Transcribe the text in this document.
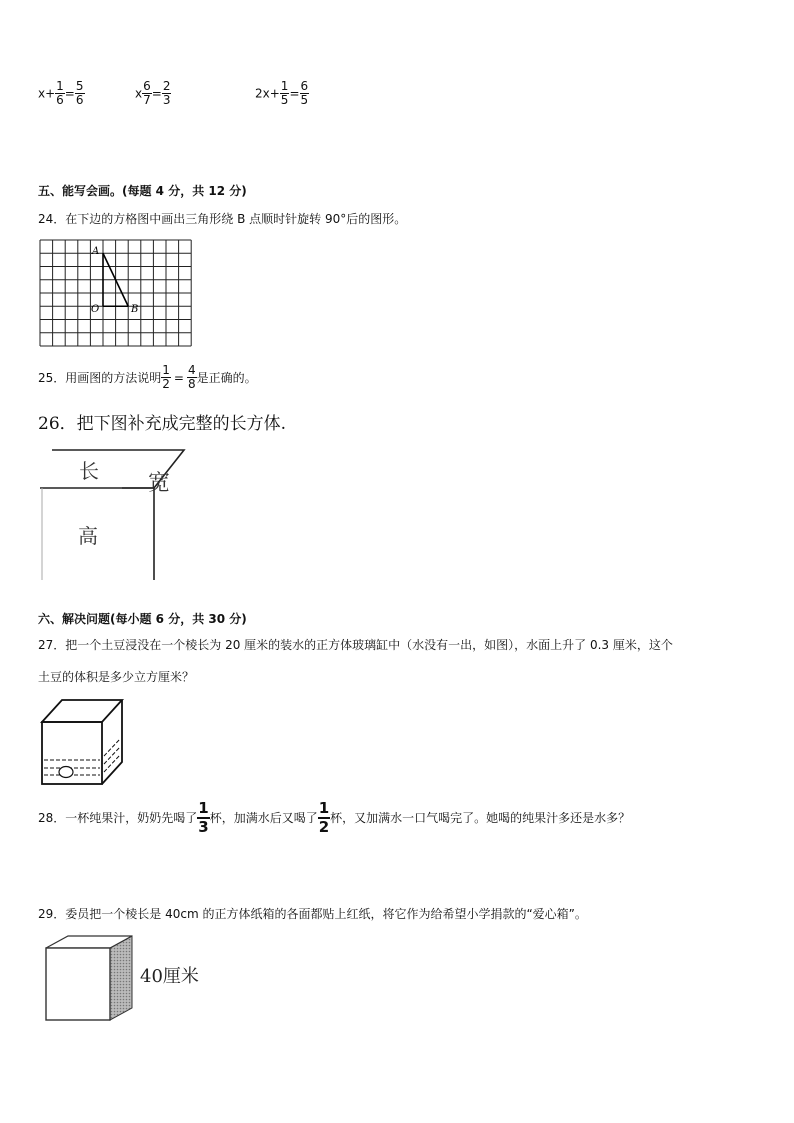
$x+ \frac{1}{6} = \frac{5}{6}$	x $\frac{6}{7} = \frac{2}{3}$	$2x+ \frac{1}{5} = \frac{6}{5}$
五、能写会画。(每题 4 分，共 12 分)
24．在下边的方格图中画出三角形绕 B 点顺时针旋转 90°后的图形。
A
O	B
25．用画图的方法说明 $\frac{1}{2} = \frac{4}{8}$ 是正确的。
26．把下图补充成完整的长方体.
长 宽
高
六、解决问题(每小题 6 分，共 30 分)
27．把一个土豆浸没在一个棱长为 20 厘米的装水的正方体玻璃缸中（水没有一出，如图），水面上升了 0.3 厘米，这个
土豆的体积是多少立方厘米？
28．一杯纯果汁，奶奶先喝了 $\frac{1}{3}$ 杯，加满水后又喝了 $\frac{1}{2}$ 杯，又加满水一口气喝完了。她喝的纯果汁多还是水多？
29．委员把一个棱长是 40cm 的正方体纸箱的各面都贴上红纸，将它作为给希望小学捐款的“爱心箱”。
40厘米
